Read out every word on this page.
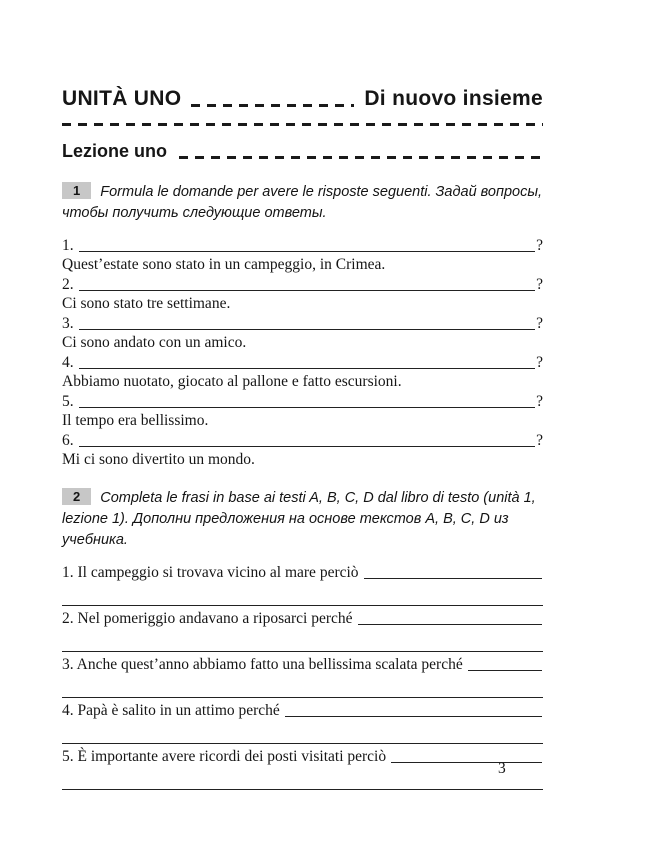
UNITÀ UNO	Di nuovo insieme
Lezione uno

1 Formula le domande per avere le risposte seguenti. Задай вопросы, чтобы получить следующие ответы.

1.	?
Quest’estate sono stato in un campeggio, in Crimea.
2.	?
Ci sono stato tre settimane.
3.	?
Ci sono andato con un amico.
4.	?
Abbiamo nuotato, giocato al pallone e fatto escursioni.
5.	?
Il tempo era bellissimo.
6.	?
Mi ci sono divertito un mondo.

2 Completa le frasi in base ai testi A, B, C, D dal libro di testo (unità 1, lezione 1). Дополни предложения на основе текстов A, B, C, D из учебника.

1. Il campeggio si trovava vicino al mare perciò
2. Nel pomeriggio andavano a riposarci perché
3. Anche quest’anno abbiamo fatto una bellissima scalata perché
4. Papà è salito in un attimo perché
5. È importante avere ricordi dei posti visitati perciò
3
